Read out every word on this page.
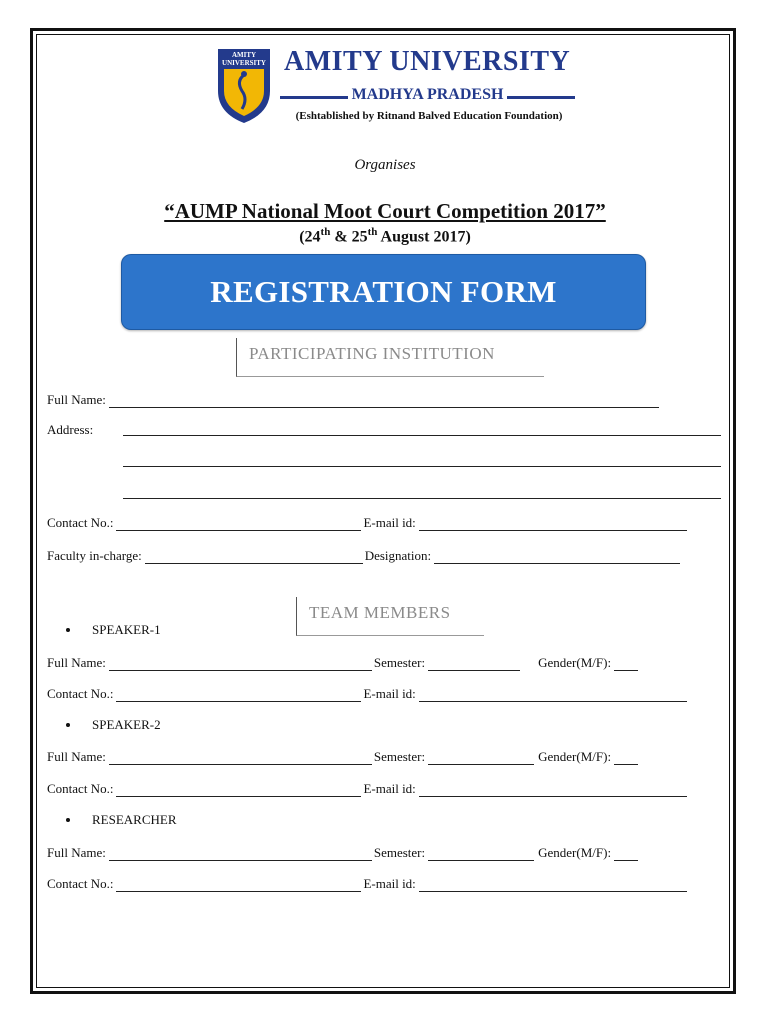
AMITY UNIVERSITY AMITY UNIVERSITY
MADHYA PRADESH
(Eshtablished by Ritnand Balved Education Foundation)
Organises
“AUMP National Moot Court Competition 2017”
(24th & 25th August 2017)
REGISTRATION FORM
PARTICIPATING INSTITUTION
Full Name:
Address:
Contact No.:	E-mail id:
Faculty in-charge:	Designation:
TEAM MEMBERS
SPEAKER-1
Full Name:	Semester:	Gender(M/F):
Contact No.:	E-mail id:
SPEAKER-2
Full Name:	Semester:	Gender(M/F):
Contact No.:	E-mail id:
RESEARCHER
Full Name:	Semester:	Gender(M/F):
Contact No.:	E-mail id:
